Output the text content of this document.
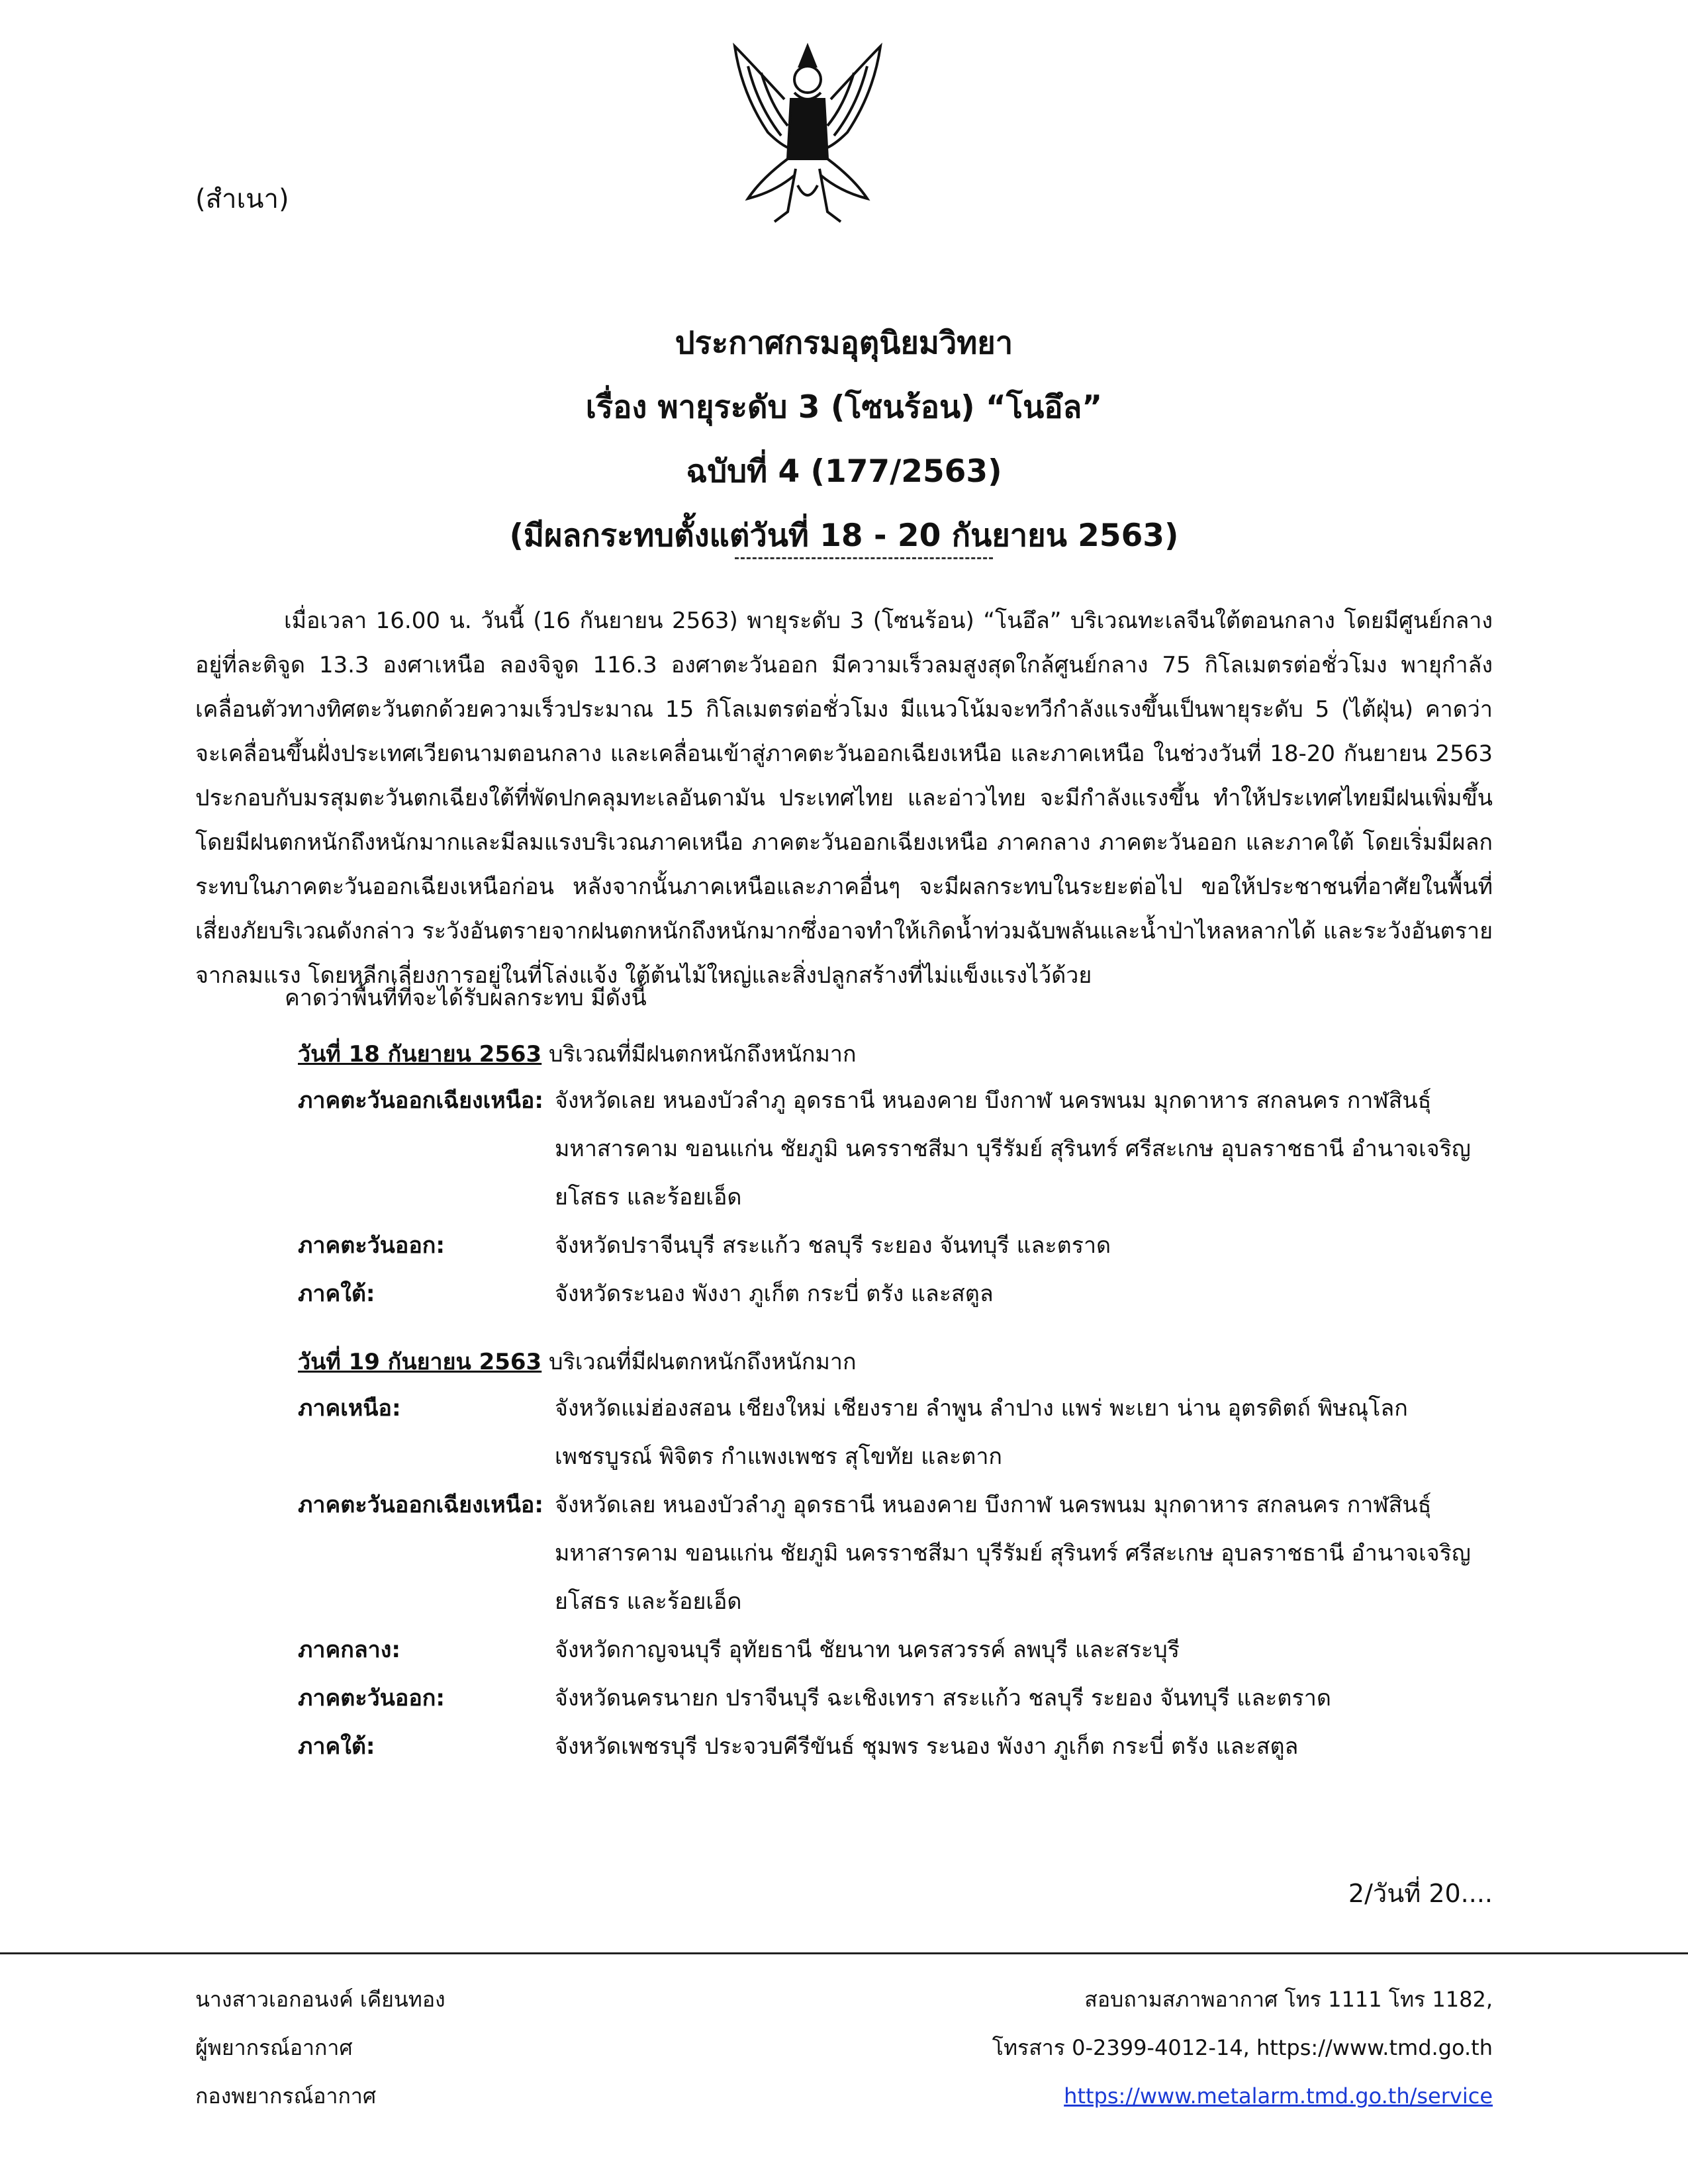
(สำเนา)
ประกาศกรมอุตุนิยมวิทยา
เรื่อง พายุระดับ 3 (โซนร้อน) “โนอึล”
ฉบับที่ 4 (177/2563)
(มีผลกระทบตั้งแต่วันที่ 18 - 20 กันยายน 2563)
เมื่อเวลา 16.00 น. วันนี้ (16 กันยายน 2563) พายุระดับ 3 (โซนร้อน) “โนอึล” บริเวณทะเลจีนใต้ตอนกลาง โดยมีศูนย์กลางอยู่ที่ละติจูด 13.3 องศาเหนือ ลองจิจูด 116.3 องศาตะวันออก มีความเร็วลมสูงสุดใกล้ศูนย์กลาง 75 กิโลเมตรต่อชั่วโมง พายุกำลังเคลื่อนตัวทางทิศตะวันตกด้วยความเร็วประมาณ 15 กิโลเมตรต่อชั่วโมง มีแนวโน้มจะทวีกำลังแรงขึ้นเป็นพายุระดับ 5 (ไต้ฝุ่น) คาดว่า จะเคลื่อนขึ้นฝั่งประเทศเวียดนามตอนกลาง และเคลื่อนเข้าสู่ภาคตะวันออกเฉียงเหนือ และภาคเหนือ ในช่วงวันที่ 18-20 กันยายน 2563 ประกอบกับมรสุมตะวันตกเฉียงใต้ที่พัดปกคลุมทะเลอันดามัน ประเทศไทย และอ่าวไทย จะมีกำลังแรงขึ้น ทำให้ประเทศไทยมีฝนเพิ่มขึ้น โดยมีฝนตกหนักถึงหนักมากและมีลมแรงบริเวณภาคเหนือ ภาคตะวันออกเฉียงเหนือ ภาคกลาง ภาคตะวันออก และภาคใต้ โดยเริ่มมีผลกระทบในภาคตะวันออกเฉียงเหนือก่อน หลังจากนั้นภาคเหนือและภาคอื่นๆ จะมีผลกระทบในระยะต่อไป ขอให้ประชาชนที่อาศัยในพื้นที่เสี่ยงภัยบริเวณดังกล่าว ระวังอันตรายจากฝนตกหนักถึงหนักมากซึ่งอาจทำให้เกิดน้ำท่วมฉับพลันและน้ำป่าไหลหลากได้ และระวังอันตรายจากลมแรง โดยหลีกเลี่ยงการอยู่ในที่โล่งแจ้ง ใต้ต้นไม้ใหญ่และสิ่งปลูกสร้างที่ไม่แข็งแรงไว้ด้วย
คาดว่าพื้นที่ที่จะได้รับผลกระทบ มีดังนี้
วันที่ 18 กันยายน 2563 บริเวณที่มีฝนตกหนักถึงหนักมาก
ภาคตะวันออกเฉียงเหนือ: จังหวัดเลย หนองบัวลำภู อุดรธานี หนองคาย บึงกาฬ นครพนม มุกดาหาร สกลนคร กาฬสินธุ์ มหาสารคาม ขอนแก่น ชัยภูมิ นครราชสีมา บุรีรัมย์ สุรินทร์ ศรีสะเกษ อุบลราชธานี อำนาจเจริญ ยโสธร และร้อยเอ็ด
ภาคตะวันออก:	จังหวัดปราจีนบุรี สระแก้ว ชลบุรี ระยอง จันทบุรี และตราด
ภาคใต้:	จังหวัดระนอง พังงา ภูเก็ต กระบี่ ตรัง และสตูล
วันที่ 19 กันยายน 2563 บริเวณที่มีฝนตกหนักถึงหนักมาก
ภาคเหนือ:	จังหวัดแม่ฮ่องสอน เชียงใหม่ เชียงราย ลำพูน ลำปาง แพร่ พะเยา น่าน อุตรดิตถ์ พิษณุโลก เพชรบูรณ์ พิจิตร กำแพงเพชร สุโขทัย และตาก
ภาคตะวันออกเฉียงเหนือ: จังหวัดเลย หนองบัวลำภู อุดรธานี หนองคาย บึงกาฬ นครพนม มุกดาหาร สกลนคร กาฬสินธุ์ มหาสารคาม ขอนแก่น ชัยภูมิ นครราชสีมา บุรีรัมย์ สุรินทร์ ศรีสะเกษ อุบลราชธานี อำนาจเจริญ ยโสธร และร้อยเอ็ด
ภาคกลาง:	จังหวัดกาญจนบุรี อุทัยธานี ชัยนาท นครสวรรค์ ลพบุรี และสระบุรี
ภาคตะวันออก:	จังหวัดนครนายก ปราจีนบุรี ฉะเชิงเทรา สระแก้ว ชลบุรี ระยอง จันทบุรี และตราด
ภาคใต้:	จังหวัดเพชรบุรี ประจวบคีรีขันธ์ ชุมพร ระนอง พังงา ภูเก็ต กระบี่ ตรัง และสตูล
2/วันที่ 20....
นางสาวเอกอนงค์ เคียนทอง
ผู้พยากรณ์อากาศ
กองพยากรณ์อากาศ
สอบถามสภาพอากาศ โทร 1111 โทร 1182,
โทรสาร 0-2399-4012-14, https://www.tmd.go.th
https://www.metalarm.tmd.go.th/service
